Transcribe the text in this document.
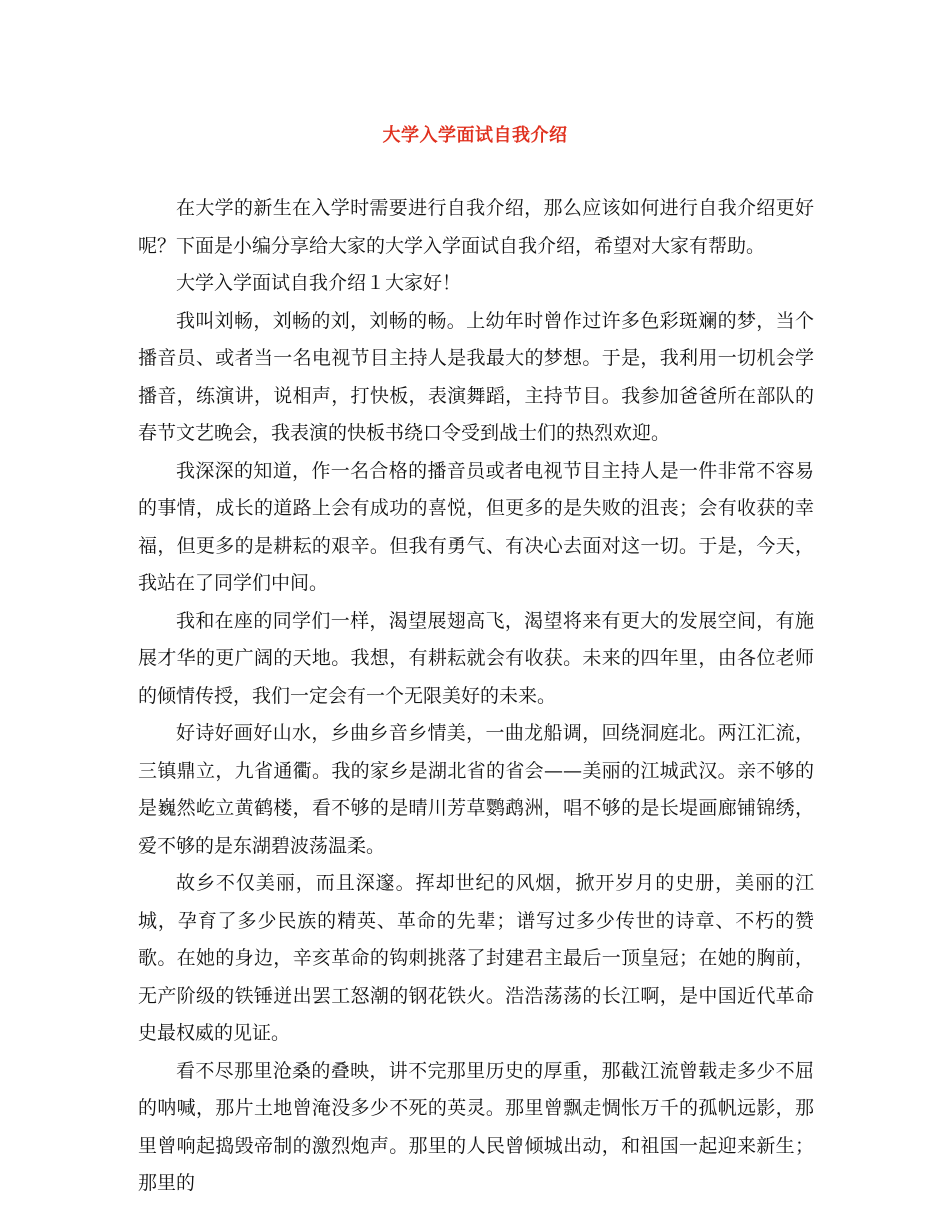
大学入学面试自我介绍

在大学的新生在入学时需要进行自我介绍，那么应该如何进行自我介绍更好呢？下面是小编分享给大家的大学入学面试自我介绍，希望对大家有帮助。

大学入学面试自我介绍１大家好！

我叫刘畅，刘畅的刘，刘畅的畅。上幼年时曾作过许多色彩斑斓的梦，当个播音员、或者当一名电视节目主持人是我最大的梦想。于是，我利用一切机会学播音，练演讲，说相声，打快板，表演舞蹈，主持节目。我参加爸爸所在部队的春节文艺晚会，我表演的快板书绕口令受到战士们的热烈欢迎。

我深深的知道，作一名合格的播音员或者电视节目主持人是一件非常不容易的事情，成长的道路上会有成功的喜悦，但更多的是失败的沮丧；会有收获的幸福，但更多的是耕耘的艰辛。但我有勇气、有决心去面对这一切。于是，今天，我站在了同学们中间。

我和在座的同学们一样，渴望展翅高飞，渴望将来有更大的发展空间，有施展才华的更广阔的天地。我想，有耕耘就会有收获。未来的四年里，由各位老师的倾情传授，我们一定会有一个无限美好的未来。

好诗好画好山水，乡曲乡音乡情美，一曲龙船调，回绕洞庭北。两江汇流，三镇鼎立，九省通衢。我的家乡是湖北省的省会——美丽的江城武汉。亲不够的是巍然屹立黄鹤楼，看不够的是晴川芳草鹦鹉洲，唱不够的是长堤画廊铺锦绣，爱不够的是东湖碧波荡温柔。

故乡不仅美丽，而且深邃。挥却世纪的风烟，掀开岁月的史册，美丽的江城，孕育了多少民族的精英、革命的先辈；谱写过多少传世的诗章、不朽的赞歌。在她的身边，辛亥革命的钩刺挑落了封建君主最后一顶皇冠；在她的胸前，无产阶级的铁锤迸出罢工怒潮的钢花铁火。浩浩荡荡的长江啊，是中国近代革命史最权威的见证。

看不尽那里沧桑的叠映，讲不完那里历史的厚重，那截江流曾载走多少不屈的呐喊，那片土地曾淹没多少不死的英灵。那里曾飘走惆怅万千的孤帆远影，那里曾响起捣毁帝制的激烈炮声。那里的人民曾倾城出动，和祖国一起迎来新生；那里的
